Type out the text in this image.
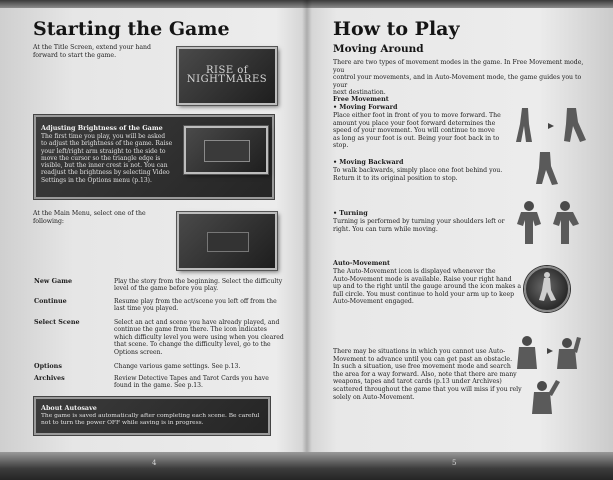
Starting the Game
At the Title Screen, extend your hand
forward to start the game.
RISE of NIGHTMARES
Adjusting Brightness of the Game
The first time you play, you will be asked
to adjust the brightness of the game. Raise
your left/right arm straight to the side to
move the cursor so the triangle edge is
visible, but the inner crest is not. You can
readjust the brightness by selecting Video
Settings in the Options menu (p.13).
At the Main Menu, select one of the
following:
New Game	Play the story from the beginning. Select the difficulty
level of the game before you play.
Continue	Resume play from the act/scene you left off from the
last time you played.
Select Scene	Select an act and scene you have already played, and
continue the game from there. The icon indicates
which difficulty level you were using when you cleared
that scene. To change the difficulty level, go to the
Options screen.
Options	Change various game settings. See p.13.
Archives	Review Detective Tapes and Tarot Cards you have
found in the game. See p.13.
About Autosave
The game is saved automatically after completing each scene. Be careful
not to turn the power OFF while saving is in progress.
How to Play
Moving Around
There are two types of movement modes in the game. In Free Movement mode, you
control your movements, and in Auto-Movement mode, the game guides you to your
next destination.
Free Movement
• Moving Forward
Place either foot in front of you to move forward. The
amount you place your foot forward determines the
speed of your movement. You will continue to move
as long as your foot is out. Being your foot back in to
stop.
• Moving Backward
To walk backwards, simply place one foot behind you.
Return it to its original position to stop.
• Turning
Turning is performed by turning your shoulders left or
right. You can turn while moving.
Auto-Movement
The Auto-Movement icon is displayed whenever the
Auto-Movement mode is available. Raise your right hand
up and to the right until the gauge around the icon makes a
full circle. You must continue to hold your arm up to keep
Auto-Movement engaged.
There may be situations in which you cannot use Auto-
Movement to advance until you can get past an obstacle.
In such a situation, use free movement mode and search
the area for a way forward. Also, note that there are many
weapons, tapes and tarot cards (p.13 under Archives)
scattered throughout the game that you will miss if you rely
solely on Auto-Movement.
4	5
